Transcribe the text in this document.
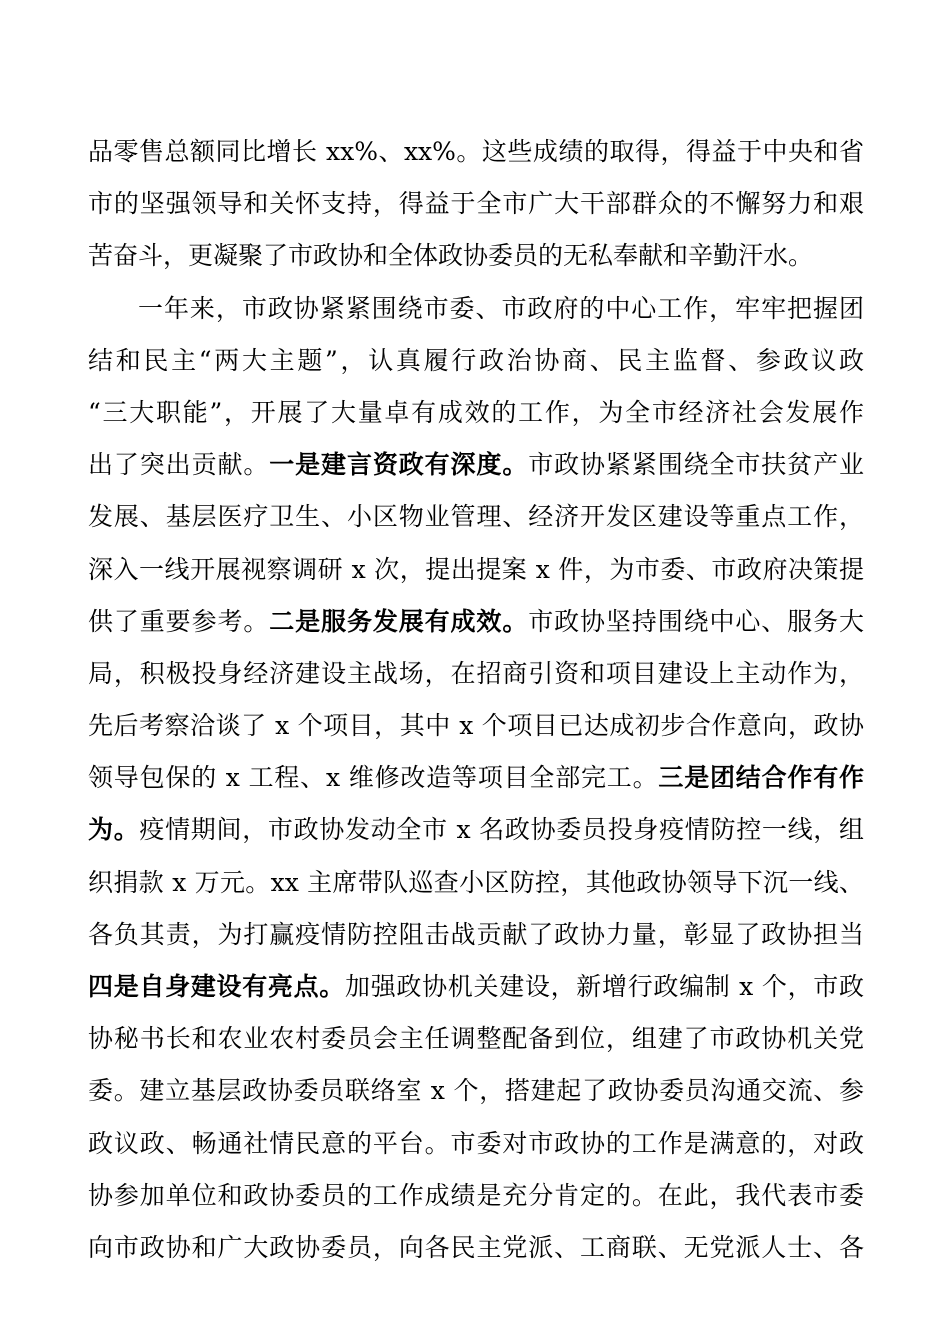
品零售总额同比增长 xx%、xx%。这些成绩的取得，得益于中央和省
市的坚强领导和关怀支持，得益于全市广大干部群众的不懈努力和艰
苦奋斗，更凝聚了市政协和全体政协委员的无私奉献和辛勤汗水。
一年来，市政协紧紧围绕市委、市政府的中心工作，牢牢把握团
结和民主“两大主题”，认真履行政治协商、民主监督、参政议政
“三大职能”，开展了大量卓有成效的工作，为全市经济社会发展作
出了突出贡献。一是建言资政有深度。市政协紧紧围绕全市扶贫产业
发展、基层医疗卫生、小区物业管理、经济开发区建设等重点工作，
深入一线开展视察调研 x 次，提出提案 x 件，为市委、市政府决策提
供了重要参考。二是服务发展有成效。市政协坚持围绕中心、服务大
局，积极投身经济建设主战场，在招商引资和项目建设上主动作为，
先后考察洽谈了 x 个项目，其中 x 个项目已达成初步合作意向，政协
领导包保的 x 工程、x 维修改造等项目全部完工。三是团结合作有作
为。疫情期间，市政协发动全市 x 名政协委员投身疫情防控一线，组
织捐款 x 万元。xx 主席带队巡查小区防控，其他政协领导下沉一线、
各负其责，为打赢疫情防控阻击战贡献了政协力量，彰显了政协担当
四是自身建设有亮点。加强政协机关建设，新增行政编制 x 个，市政
协秘书长和农业农村委员会主任调整配备到位，组建了市政协机关党
委。建立基层政协委员联络室 x 个，搭建起了政协委员沟通交流、参
政议政、畅通社情民意的平台。市委对市政协的工作是满意的，对政
协参加单位和政协委员的工作成绩是充分肯定的。在此，我代表市委
向市政协和广大政协委员，向各民主党派、工商联、无党派人士、各
